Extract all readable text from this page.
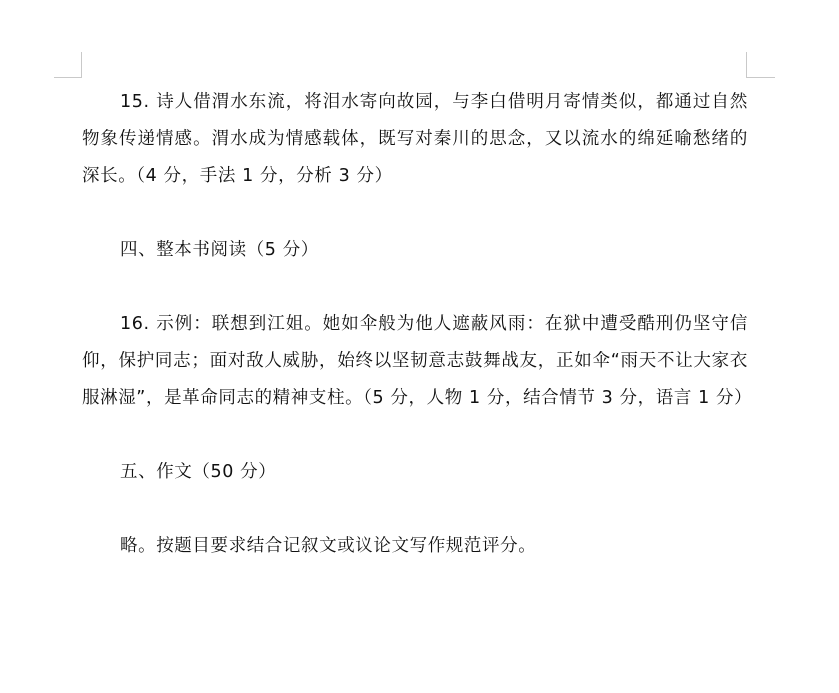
15. 诗人借渭水东流，将泪水寄向故园，与李白借明月寄情类似，都通过自然物象传递情感。渭水成为情感载体，既写对秦川的思念，又以流水的绵延喻愁绪的深长。（4 分，手法 1 分，分析 3 分）

四、整本书阅读（5 分）

16. 示例：联想到江姐。她如伞般为他人遮蔽风雨：在狱中遭受酷刑仍坚守信仰，保护同志；面对敌人威胁，始终以坚韧意志鼓舞战友，正如伞“雨天不让大家衣服淋湿”，是革命同志的精神支柱。（5 分，人物 1 分，结合情节 3 分，语言 1 分）

五、作文（50 分）

略。按题目要求结合记叙文或议论文写作规范评分。
